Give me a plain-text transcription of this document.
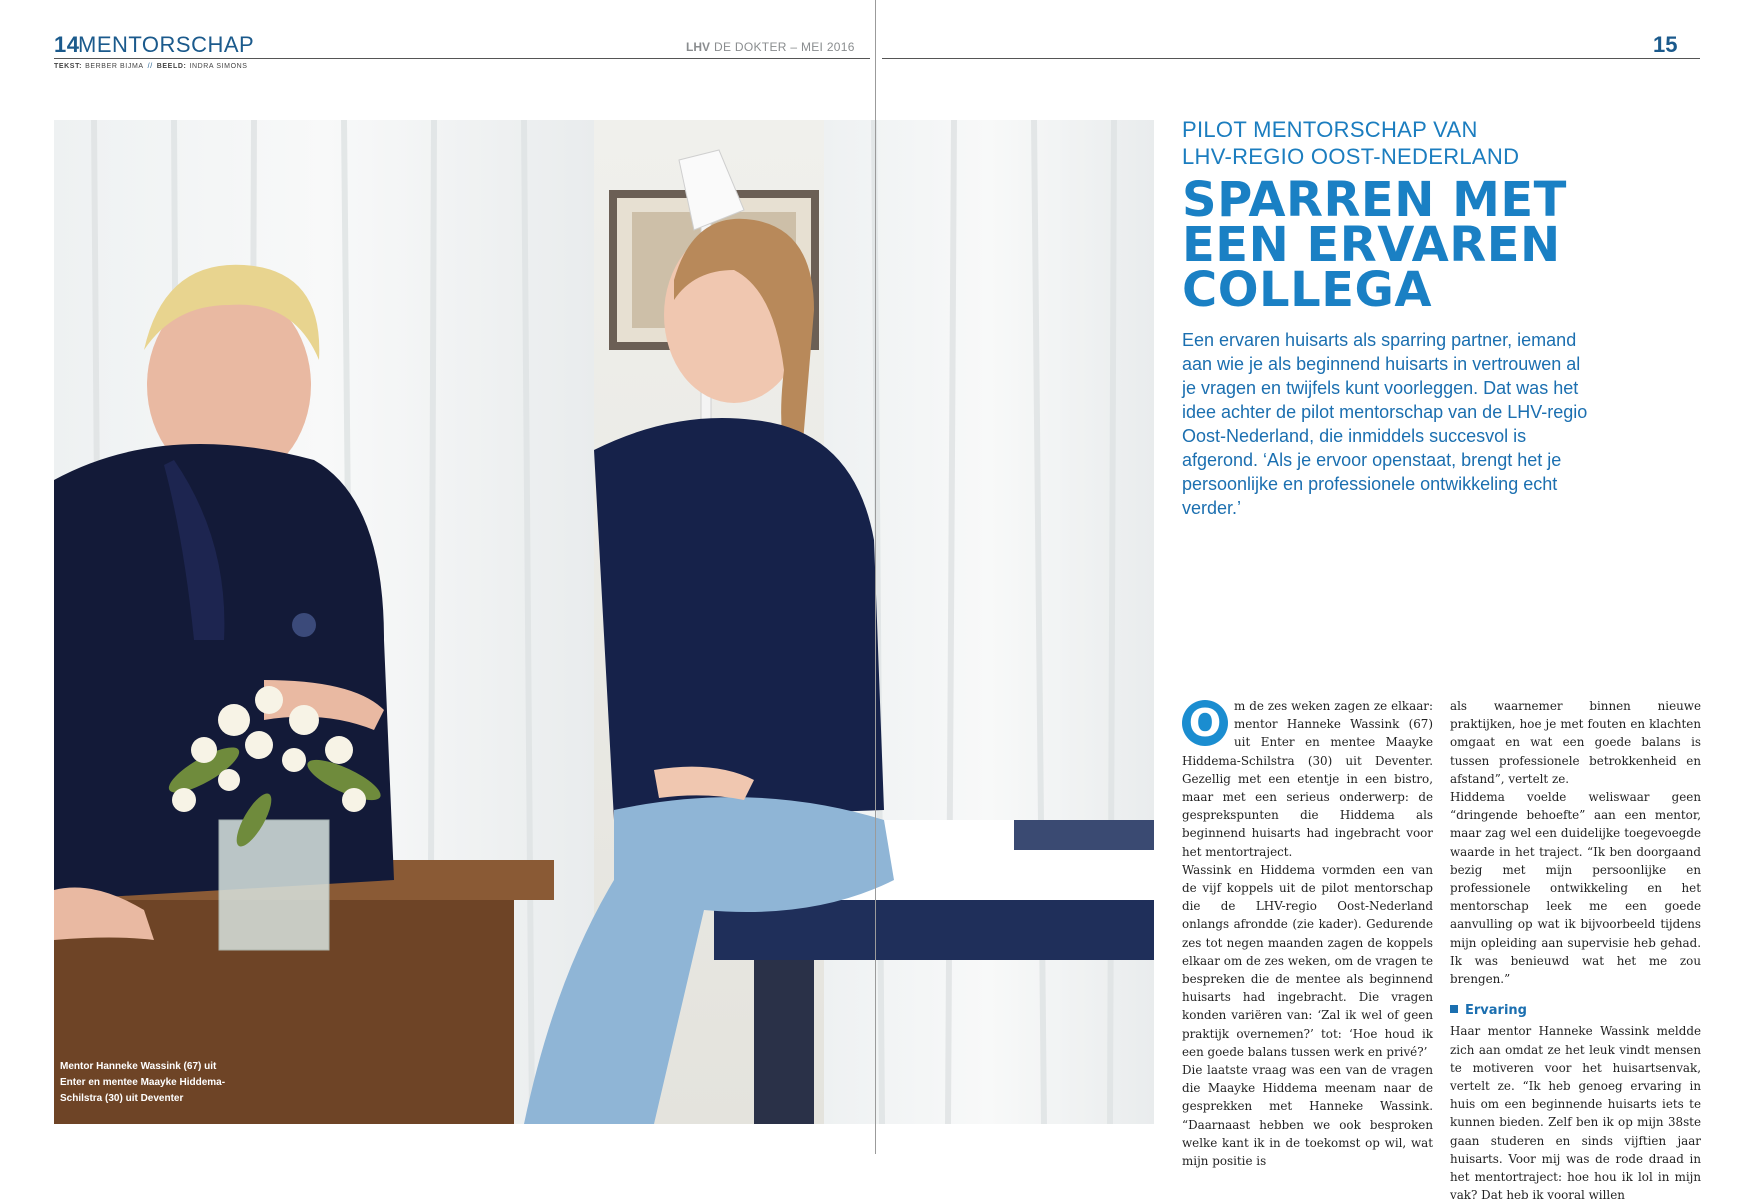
14
MENTORSCHAP	LHV DE DOKTER – MEI 2016	15
TEKST: BERBER BIJMA // BEELD: INDRA SIMONS
Mentor Hanneke Wassink (67) uit
Enter en mentee Maayke Hiddema-
Schilstra (30) uit Deventer
PILOT MENTORSCHAP VAN
LHV-REGIO OOST-NEDERLAND
SPARREN MET
EEN ERVAREN
COLLEGA
Een ervaren huisarts als sparring partner, iemand aan wie je als beginnend huisarts in vertrouwen al je vragen en twijfels kunt voorleggen. Dat was het idee achter de pilot mentorschap van de LHV-regio Oost-Nederland, die inmiddels succesvol is afgerond. ‘Als je ervoor openstaat, brengt het je persoonlijke en professionele ontwikkeling echt verder.’

O	m de zes weken zagen ze elkaar: mentor Hanneke Wassink (67) uit Enter en mentee Maayke Hiddema-Schilstra (30) uit Deventer. Gezellig met een etentje in een bistro, maar met een serieus onderwerp: de gesprekspunten die Hiddema als beginnend huisarts had ingebracht voor het mentortraject.

Wassink en Hiddema vormden een van de vijf koppels uit de pilot mentorschap die de LHV-regio Oost-Nederland onlangs afrondde (zie kader). Gedurende zes tot negen maanden zagen de koppels elkaar om de zes weken, om de vragen te bespreken die de mentee als beginnend huisarts had ingebracht. Die vragen konden variëren van: ‘Zal ik wel of geen praktijk overnemen?’ tot: ‘Hoe houd ik een goede balans tussen werk en privé?’

Die laatste vraag was een van de vragen die Maayke Hiddema meenam naar de gesprekken met Hanneke Wassink. “Daarnaast hebben we ook besproken welke kant ik in de toekomst op wil, wat mijn positie is

als waarnemer binnen nieuwe praktijken, hoe je met fouten en klachten omgaat en wat een goede balans is tussen professionele betrokkenheid en afstand”, vertelt ze.

Hiddema voelde weliswaar geen “dringende behoefte” aan een mentor, maar zag wel een duidelijke toegevoegde waarde in het traject. “Ik ben doorgaand bezig met mijn persoonlijke en professionele ontwikkeling en het mentorschap leek me een goede aanvulling op wat ik bijvoorbeeld tijdens mijn opleiding aan supervisie heb gehad. Ik was benieuwd wat het me zou brengen.”

Ervaring

Haar mentor Hanneke Wassink meldde zich aan omdat ze het leuk vindt mensen te motiveren voor het huisartsenvak, vertelt ze. “Ik heb genoeg ervaring in huis om een beginnende huisarts iets te kunnen bieden. Zelf ben ik op mijn 38ste gaan studeren en sinds vijftien jaar huisarts. Voor mij was de rode draad in het mentortraject: hoe hou ik lol in mijn vak? Dat heb ik vooral willen
